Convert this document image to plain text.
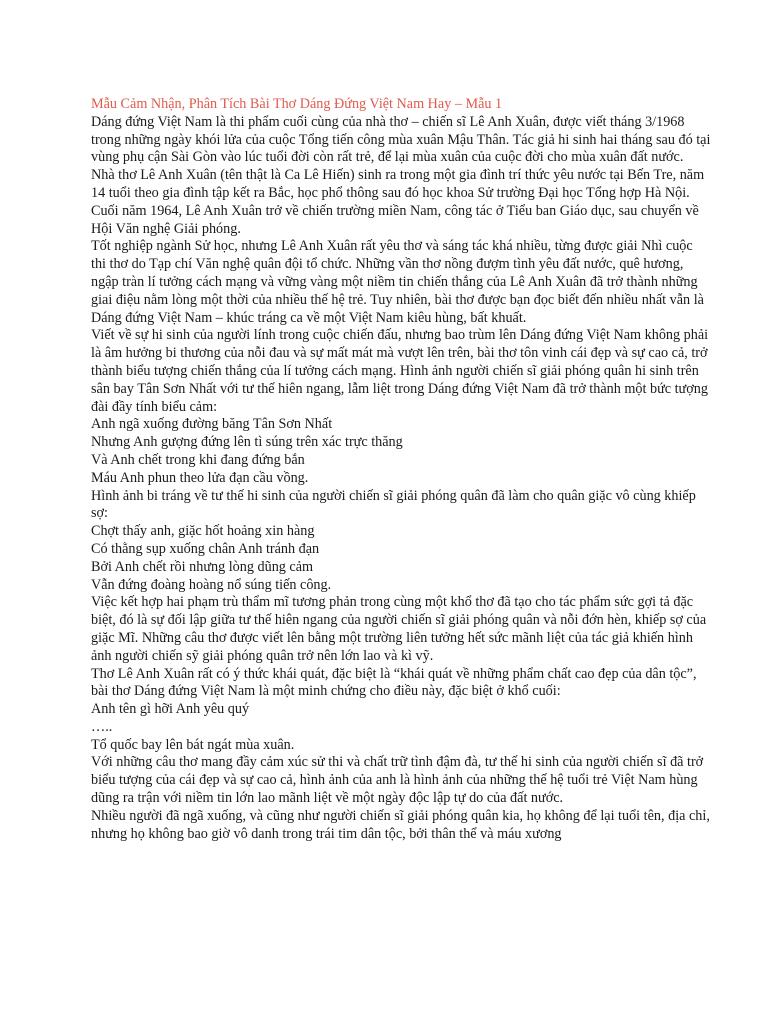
Mẫu Cảm Nhận, Phân Tích Bài Thơ Dáng Đứng Việt Nam Hay – Mẫu 1

Dáng đứng Việt Nam là thi phẩm cuối cùng của nhà thơ – chiến sĩ Lê Anh Xuân, được viết tháng 3/1968 trong những ngày khói lửa của cuộc Tổng tiến công mùa xuân Mậu Thân. Tác giả hi sinh hai tháng sau đó tại vùng phụ cận Sài Gòn vào lúc tuổi đời còn rất trẻ, để lại mùa xuân của cuộc đời cho mùa xuân đất nước.

Nhà thơ Lê Anh Xuân (tên thật là Ca Lê Hiến) sinh ra trong một gia đình trí thức yêu nước tại Bến Tre, năm 14 tuổi theo gia đình tập kết ra Bắc, học phổ thông sau đó học khoa Sử trường Đại học Tổng hợp Hà Nội. Cuối năm 1964, Lê Anh Xuân trở về chiến trường miền Nam, công tác ở Tiểu ban Giáo dục, sau chuyển về Hội Văn nghệ Giải phóng.

Tốt nghiệp ngành Sử học, nhưng Lê Anh Xuân rất yêu thơ và sáng tác khá nhiều, từng được giải Nhì cuộc thi thơ do Tạp chí Văn nghệ quân đội tổ chức. Những vần thơ nồng đượm tình yêu đất nước, quê hương, ngập tràn lí tưởng cách mạng và vững vàng một niềm tin chiến thắng của Lê Anh Xuân đã trở thành những giai điệu nằm lòng một thời của nhiều thế hệ trẻ. Tuy nhiên, bài thơ được bạn đọc biết đến nhiều nhất vẫn là Dáng đứng Việt Nam – khúc tráng ca về một Việt Nam kiêu hùng, bất khuất.

Viết về sự hi sinh của người lính trong cuộc chiến đấu, nhưng bao trùm lên Dáng đứng Việt Nam không phải là âm hưởng bi thương của nỗi đau và sự mất mát mà vượt lên trên, bài thơ tôn vinh cái đẹp và sự cao cả, trở thành biểu tượng chiến thắng của lí tưởng cách mạng. Hình ảnh người chiến sĩ giải phóng quân hi sinh trên sân bay Tân Sơn Nhất với tư thế hiên ngang, lẫm liệt trong Dáng đứng Việt Nam đã trở thành một bức tượng đài đầy tính biểu cảm:

Anh ngã xuống đường băng Tân Sơn Nhất

Nhưng Anh gượng đứng lên tì súng trên xác trực thăng

Và Anh chết trong khi đang đứng bắn

Máu Anh phun theo lửa đạn cầu vồng.

Hình ảnh bi tráng về tư thế hi sinh của người chiến sĩ giải phóng quân đã làm cho quân giặc vô cùng khiếp sợ:

Chợt thấy anh, giặc hốt hoảng xin hàng

Có thằng sụp xuống chân Anh tránh đạn

Bởi Anh chết rồi nhưng lòng dũng cảm

Vẫn đứng đoàng hoàng nổ súng tiến công.

Việc kết hợp hai phạm trù thẩm mĩ tương phản trong cùng một khổ thơ đã tạo cho tác phẩm sức gợi tả đặc biệt, đó là sự đối lập giữa tư thế hiên ngang của người chiến sĩ giải phóng quân và nỗi đớn hèn, khiếp sợ của giặc Mĩ. Những câu thơ được viết lên bằng một trường liên tưởng hết sức mãnh liệt của tác giả khiến hình ảnh người chiến sỹ giải phóng quân trở nên lớn lao và kì vỹ.

Thơ Lê Anh Xuân rất có ý thức khái quát, đặc biệt là “khái quát về những phẩm chất cao đẹp của dân tộc”, bài thơ Dáng đứng Việt Nam là một minh chứng cho điều này, đặc biệt ở khổ cuối:

Anh tên gì hỡi Anh yêu quý

…..

Tổ quốc bay lên bát ngát mùa xuân.

Với những câu thơ mang đầy cảm xúc sử thi và chất trữ tình đậm đà, tư thế hi sinh của người chiến sĩ đã trở biểu tượng của cái đẹp và sự cao cả, hình ảnh của anh là hình ảnh của những thế hệ tuổi trẻ Việt Nam hùng dũng ra trận với niềm tin lớn lao mãnh liệt về một ngày độc lập tự do của đất nước.

Nhiều người đã ngã xuống, và cũng như người chiến sĩ giải phóng quân kia, họ không để lại tuổi tên, địa chỉ, nhưng họ không bao giờ vô danh trong trái tim dân tộc, bởi thân thể và máu xương
